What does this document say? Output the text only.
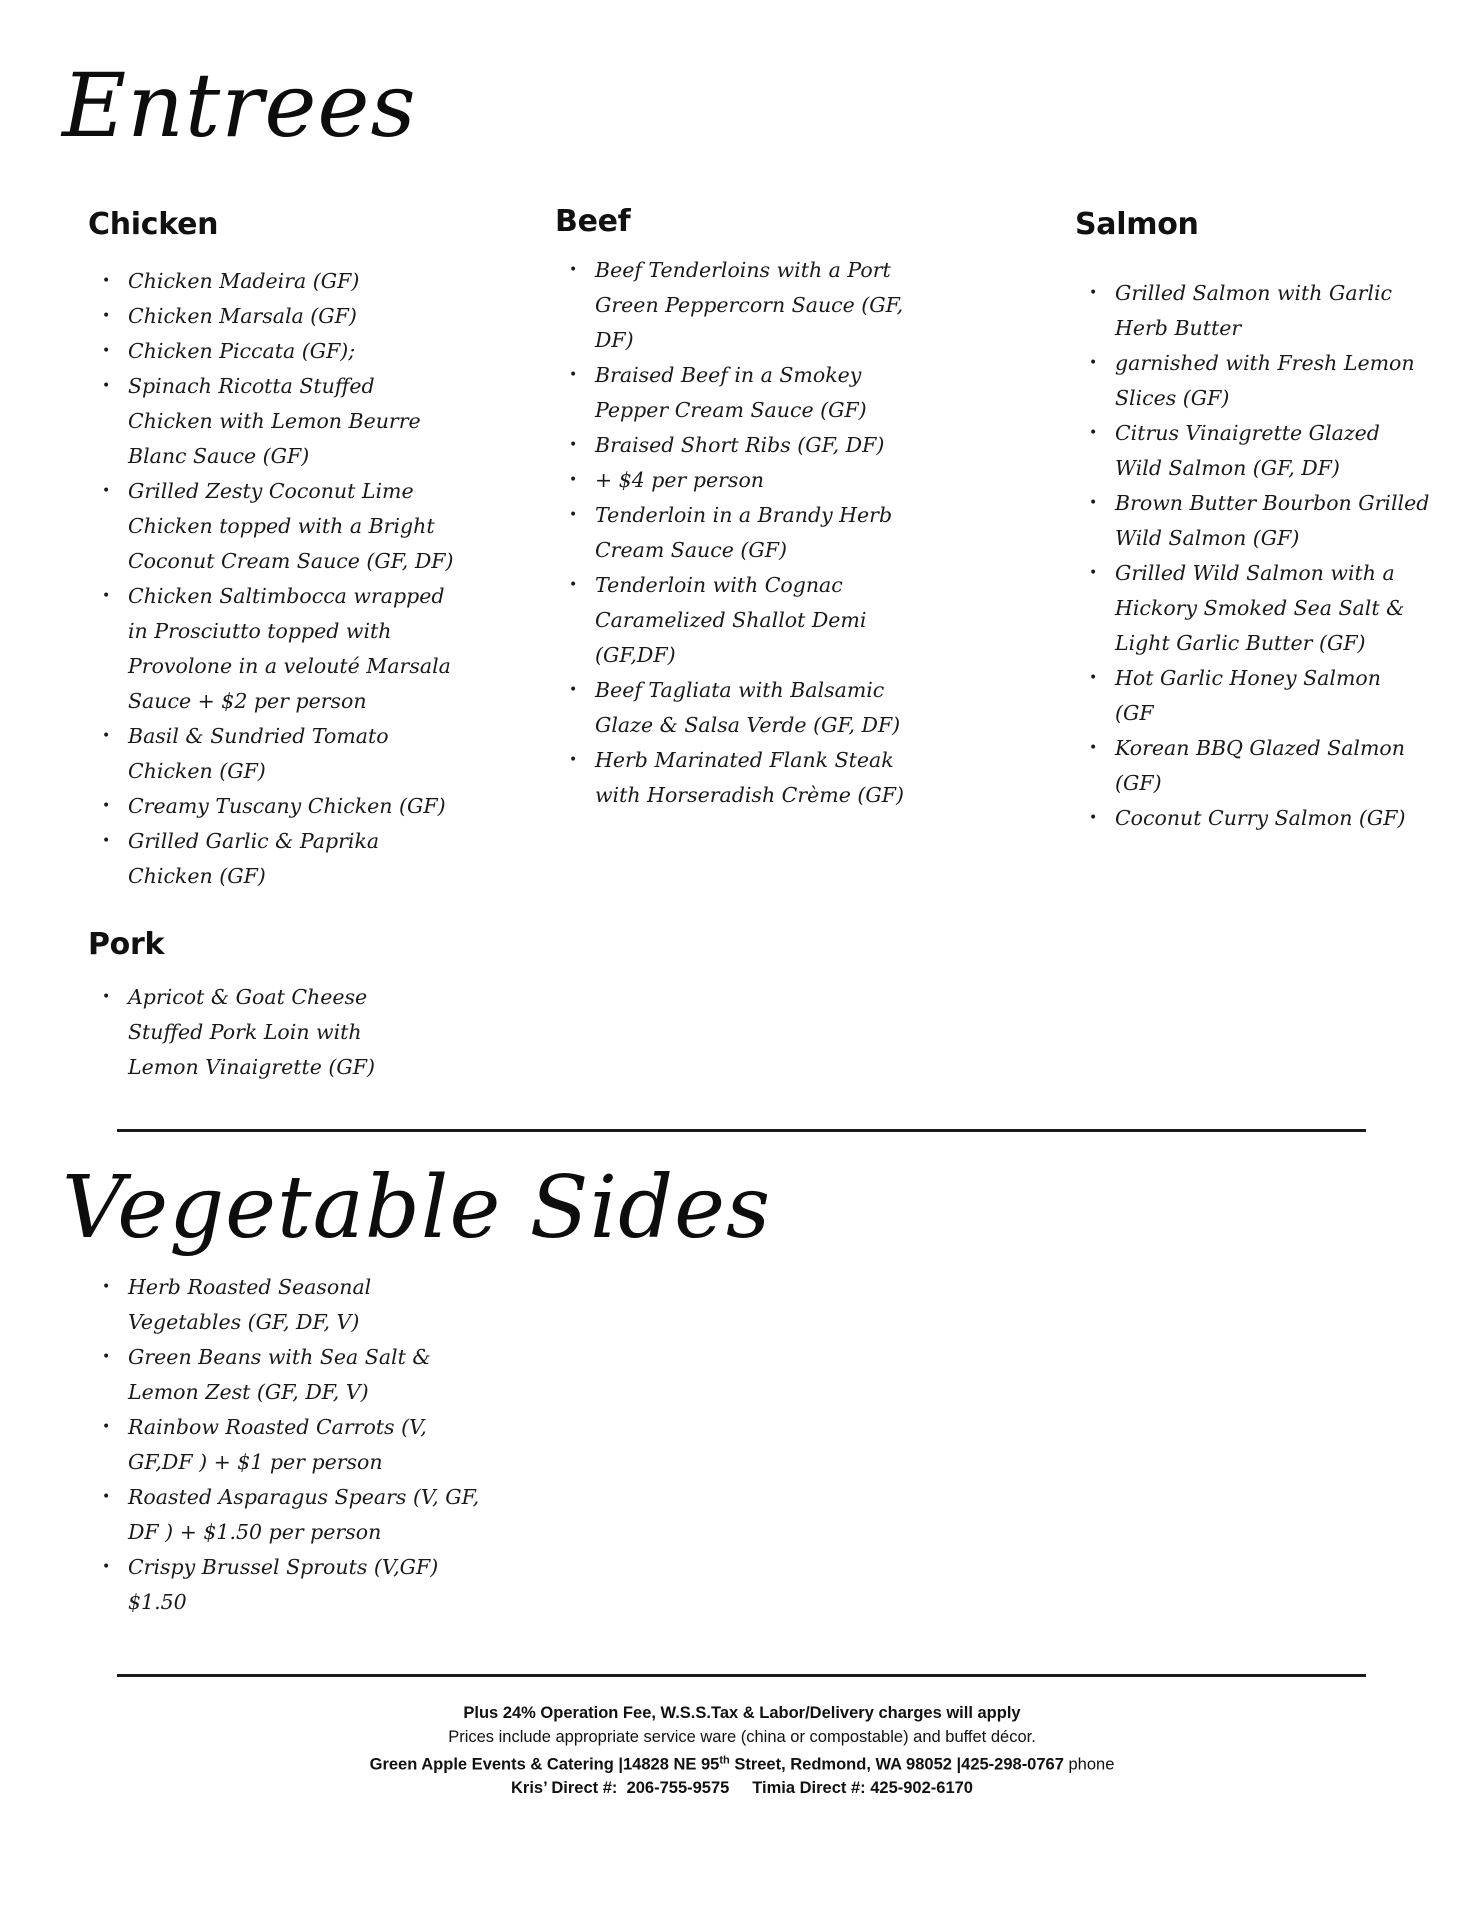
Entrees
Chicken
• Chicken Madeira (GF)
• Chicken Marsala (GF)
• Chicken Piccata (GF);
• Spinach Ricotta Stuffed Chicken with Lemon Beurre Blanc Sauce (GF)
• Grilled Zesty Coconut Lime Chicken topped with a Bright Coconut Cream Sauce (GF, DF)
• Chicken Saltimbocca wrapped in Prosciutto topped with Provolone in a velouté Marsala Sauce + $2 per person
• Basil & Sundried Tomato Chicken (GF)
• Creamy Tuscany Chicken (GF)
• Grilled Garlic & Paprika Chicken (GF)
Pork
• Apricot & Goat Cheese Stuffed Pork Loin with Lemon Vinaigrette (GF)
Beef
• Beef Tenderloins with a Port Green Peppercorn Sauce (GF, DF)
• Braised Beef in a Smokey Pepper Cream Sauce (GF)
• Braised Short Ribs (GF, DF)
• + $4 per person
• Tenderloin in a Brandy Herb Cream Sauce (GF)
• Tenderloin with Cognac Caramelized Shallot Demi (GF,DF)
• Beef Tagliata with Balsamic Glaze & Salsa Verde (GF, DF)
• Herb Marinated Flank Steak with Horseradish Crème (GF)
Salmon
• Grilled Salmon with Garlic Herb Butter
• garnished with Fresh Lemon Slices (GF)
• Citrus Vinaigrette Glazed Wild Salmon (GF, DF)
• Brown Butter Bourbon Grilled Wild Salmon (GF)
• Grilled Wild Salmon with a Hickory Smoked Sea Salt & Light Garlic Butter (GF)
• Hot Garlic Honey Salmon (GF
• Korean BBQ Glazed Salmon (GF)
• Coconut Curry Salmon (GF)
Vegetable Sides
• Herb Roasted Seasonal Vegetables (GF, DF, V)
• Green Beans with Sea Salt & Lemon Zest (GF, DF, V)
• Rainbow Roasted Carrots (V, GF,DF ) + $1 per person
• Roasted Asparagus Spears (V, GF, DF ) + $1.50 per person
• Crispy Brussel Sprouts (V,GF) $1.50
Plus 24% Operation Fee, W.S.S.Tax & Labor/Delivery charges will apply
Prices include appropriate service ware (china or compostable) and buffet décor.
Green Apple Events & Catering |14828 NE 95th Street, Redmond, WA 98052 |425-298-0767 phone
Kris’ Direct #:  206-755-9575     Timia Direct #: 425-902-6170
